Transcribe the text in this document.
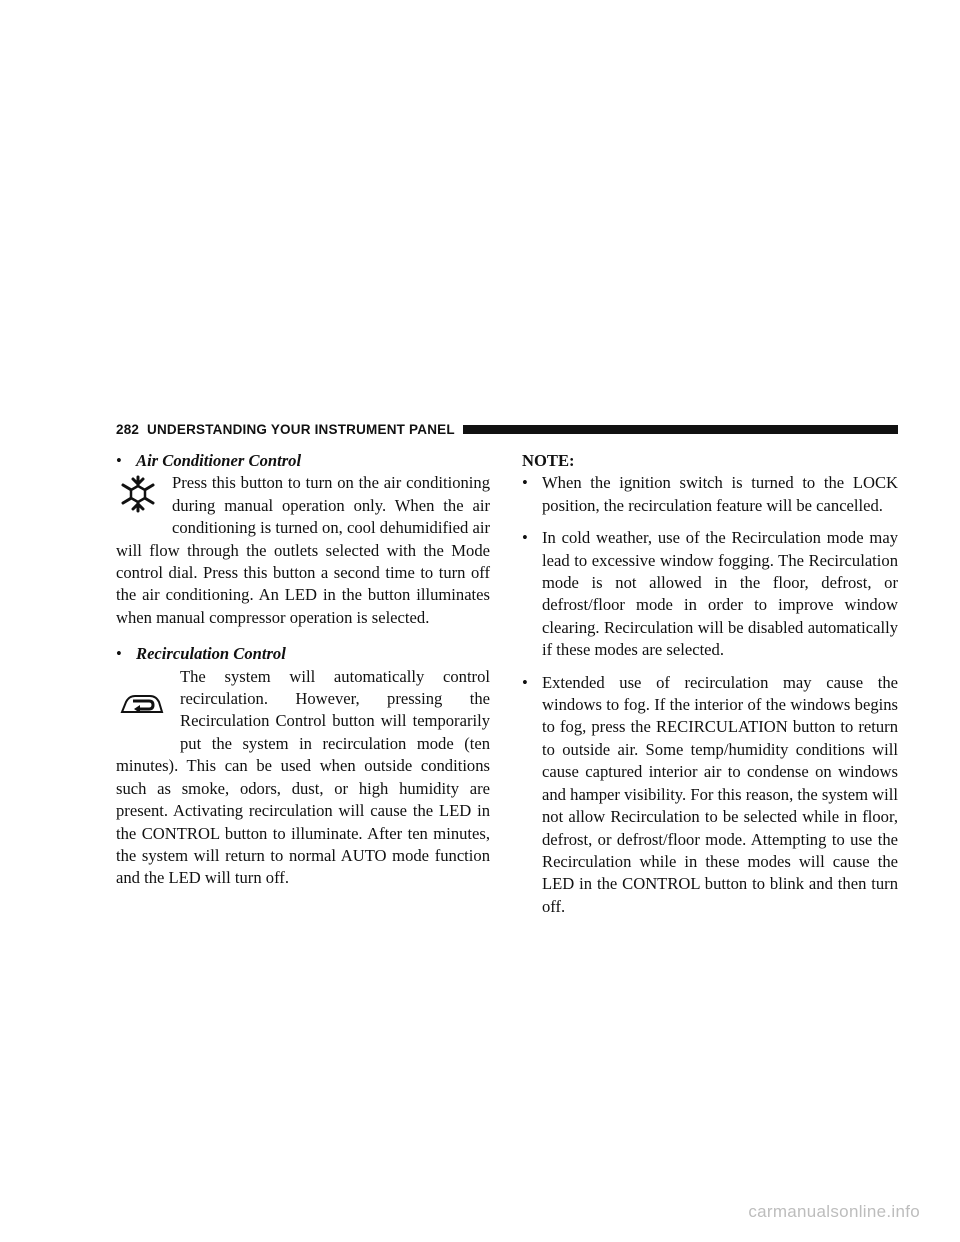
282 UNDERSTANDING YOUR INSTRUMENT PANEL
• Air Conditioner Control
Press this button to turn on the air conditioning during manual operation only. When the air conditioning is turned on, cool dehumidified air will flow through the outlets selected with the Mode control dial. Press this button a second time to turn off the air conditioning. An LED in the button illuminates when manual compressor operation is selected.
• Recirculation Control
The system will automatically control recirculation. However, pressing the Recirculation Control button will temporarily put the system in recirculation mode (ten minutes). This can be used when outside conditions such as smoke, odors, dust, or high humidity are present. Activating recirculation will cause the LED in the CONTROL button to illuminate. After ten minutes, the system will return to normal AUTO mode function and the LED will turn off.
NOTE:
• When the ignition switch is turned to the LOCK position, the recirculation feature will be cancelled.
• In cold weather, use of the Recirculation mode may lead to excessive window fogging. The Recirculation mode is not allowed in the floor, defrost, or defrost/floor mode in order to improve window clearing. Recirculation will be disabled automatically if these modes are selected.
• Extended use of recirculation may cause the windows to fog. If the interior of the windows begins to fog, press the RECIRCULATION button to return to outside air. Some temp/humidity conditions will cause captured interior air to condense on windows and hamper visibility. For this reason, the system will not allow Recirculation to be selected while in floor, defrost, or defrost/floor mode. Attempting to use the Recirculation while in these modes will cause the LED in the CONTROL button to blink and then turn off.
carmanualsonline.info
